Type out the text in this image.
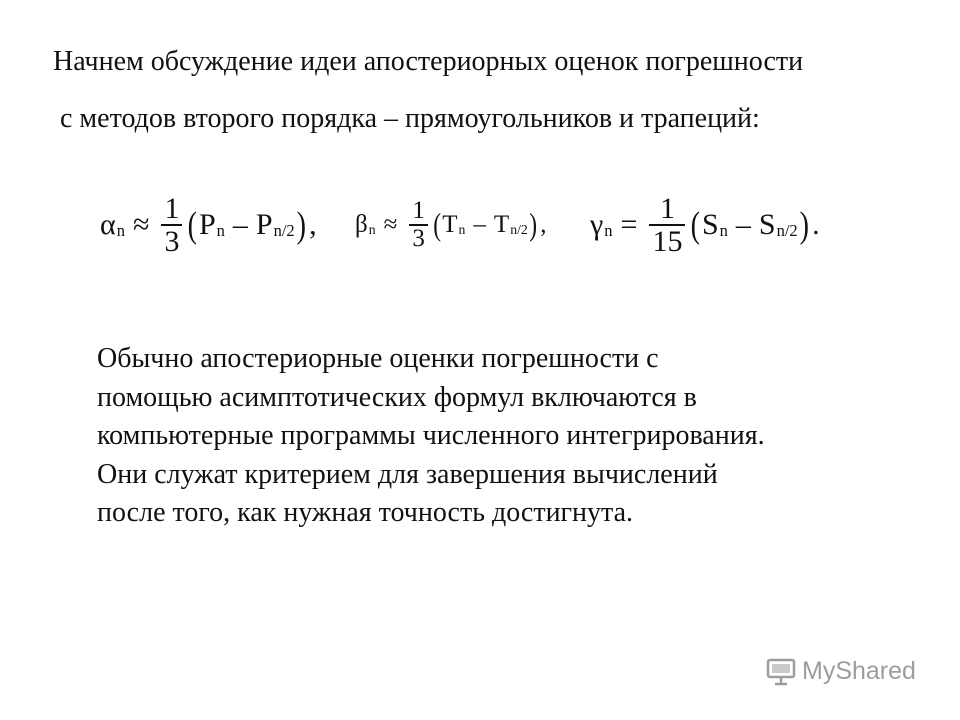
Начнем обсуждение идеи апостериорных оценок погрешности
с методов второго порядка – прямоугольников и трапеций:
α $n \approx \frac{1}{3}$ ( P n – P n/2 ) , β $n \approx \frac{1}{3}$ ( T n – T n/2 ) , γ $n = \frac{1}{15}$ ( S n – S n/2 ) .
Обычно апостериорные оценки погрешности с
помощью асимптотических формул включаются в
компьютерные программы численного интегрирования.
Они служат критерием для завершения вычислений
после того, как нужная точность достигнута.
MyShared
